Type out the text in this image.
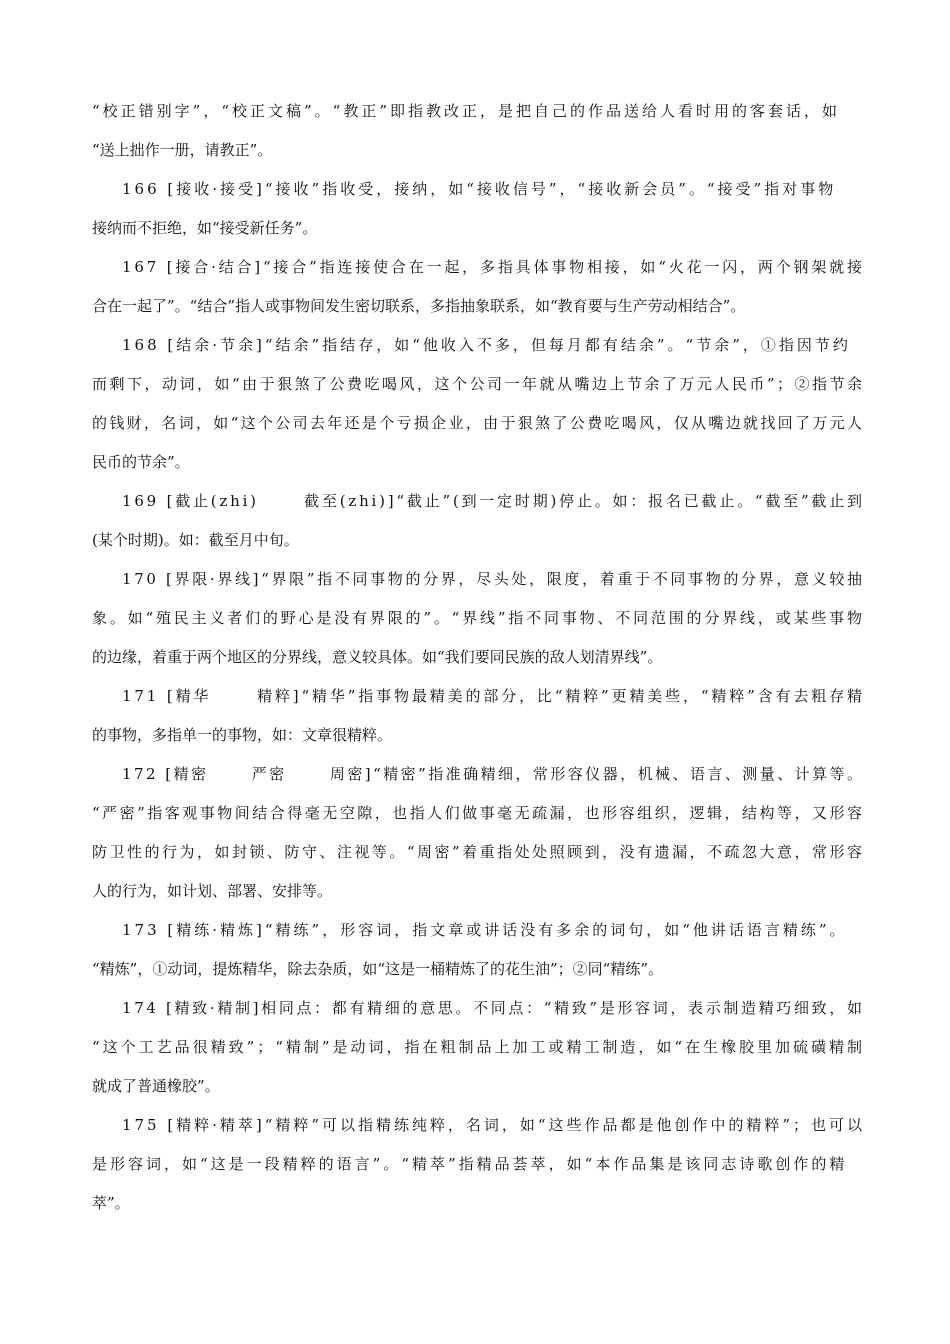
“校正错别字”，“校正文稿”。“教正”即指教改正，是把自己的作品送给人看时用的客套话，如
“送上拙作一册，请教正”。

166 [接收·接受]“接收”指收受，接纳，如“接收信号”，“接收新会员”。“接受”指对事物
接纳而不拒绝，如“接受新任务”。

167 [接合·结合]“接合”指连接使合在一起，多指具体事物相接，如“火花一闪，两个钢架就接
合在一起了”。“结合”指人或事物间发生密切联系，多指抽象联系，如“教育要与生产劳动相结合”。

168 [结余·节余]“结余”指结存，如“他收入不多，但每月都有结余”。“节余”，①指因节约
而剩下，动词，如“由于狠煞了公费吃喝风，这个公司一年就从嘴边上节余了万元人民币”；②指节余
的钱财，名词，如“这个公司去年还是个亏损企业，由于狠煞了公费吃喝风，仅从嘴边就找回了万元人
民币的节余”。

169 [截止(zhi)      截至(zhi)]“截止”(到一定时期)停止。如：报名已截止。“截至”截止到
(某个时期)。如：截至月中旬。

170 [界限·界线]“界限”指不同事物的分界，尽头处，限度，着重于不同事物的分界，意义较抽
象。如“殖民主义者们的野心是没有界限的”。“界线”指不同事物、不同范围的分界线，或某些事物
的边缘，着重于两个地区的分界线，意义较具体。如“我们要同民族的敌人划清界线”。

171 [精华      精粹]“精华”指事物最精美的部分，比“精粹”更精美些，“精粹”含有去粗存精
的事物，多指单一的事物，如：文章很精粹。

172 [精密      严密      周密]“精密”指准确精细，常形容仪器，机械、语言、测量、计算等。
“严密”指客观事物间结合得毫无空隙，也指人们做事毫无疏漏，也形容组织，逻辑，结构等，又形容
防卫性的行为，如封锁、防守、注视等。“周密”着重指处处照顾到，没有遗漏，不疏忽大意，常形容
人的行为，如计划、部署、安排等。

173 [精练·精炼]“精练”，形容词，指文章或讲话没有多余的词句，如“他讲话语言精练”。
“精炼”，①动词，提炼精华，除去杂质，如“这是一桶精炼了的花生油”；②同“精练”。

174 [精致·精制]相同点：都有精细的意思。不同点：“精致”是形容词，表示制造精巧细致，如
“这个工艺品很精致”；“精制”是动词，指在粗制品上加工或精工制造，如“在生橡胶里加硫磺精制
就成了普通橡胶”。

175 [精粹·精萃]“精粹”可以指精练纯粹，名词，如“这些作品都是他创作中的精粹”；也可以
是形容词，如“这是一段精粹的语言”。“精萃”指精品荟萃，如“本作品集是该同志诗歌创作的精
萃”。
